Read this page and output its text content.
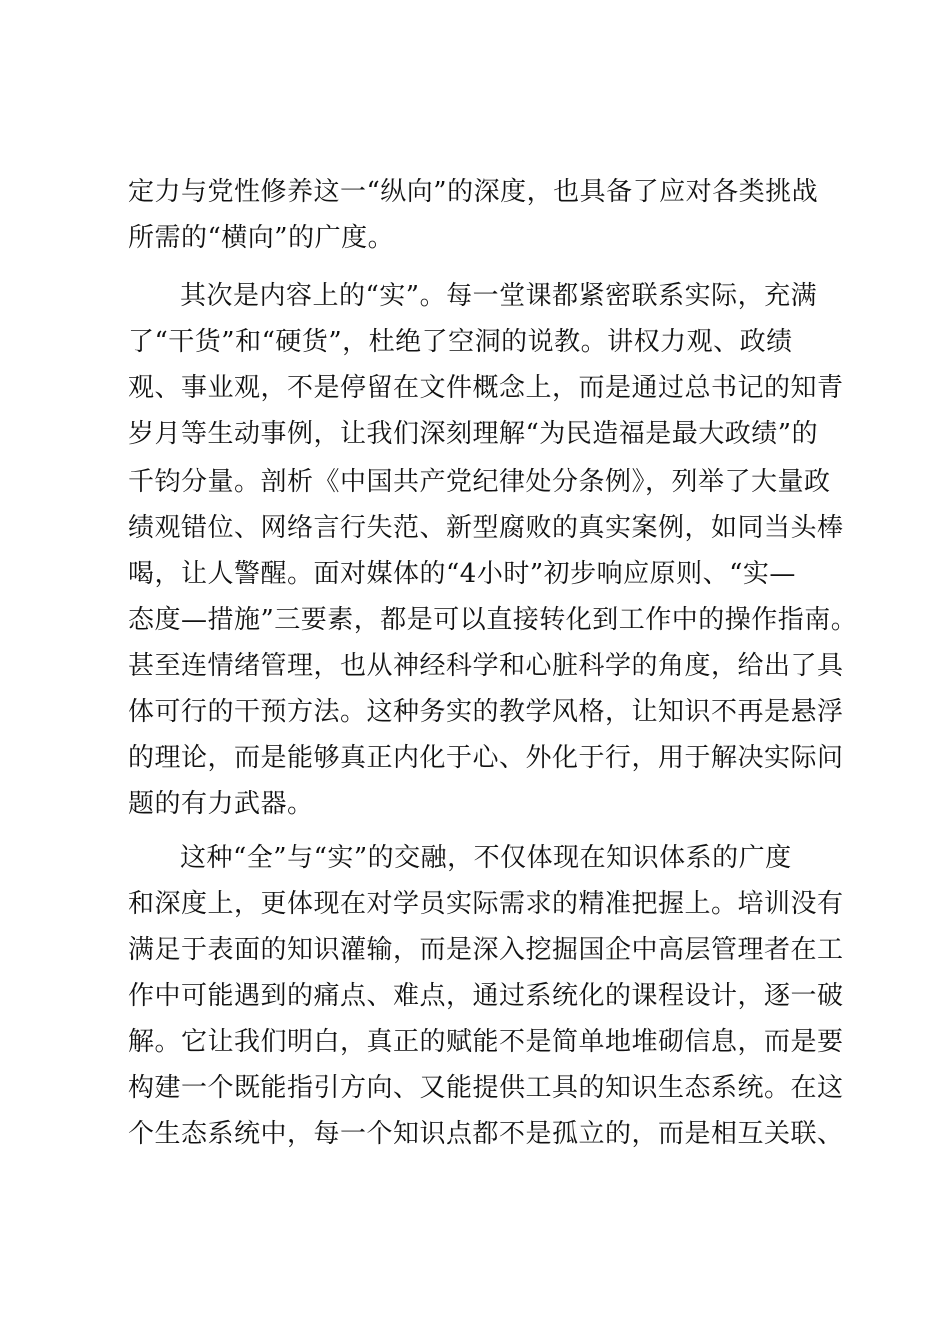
定力与党性修养这一“纵向”的深度，也具备了应对各类挑战
所需的“横向”的广度。
其次是内容上的“实”。每一堂课都紧密联系实际，充满
了“干货”和“硬货”，杜绝了空洞的说教。讲权力观、政绩
观、事业观，不是停留在文件概念上，而是通过总书记的知青
岁月等生动事例，让我们深刻理解“为民造福是最大政绩”的
千钧分量。剖析《中国共产党纪律处分条例》，列举了大量政
绩观错位、网络言行失范、新型腐败的真实案例，如同当头棒
喝，让人警醒。面对媒体的“4小时”初步响应原则、“实—
态度—措施”三要素，都是可以直接转化到工作中的操作指南。
甚至连情绪管理，也从神经科学和心脏科学的角度，给出了具
体可行的干预方法。这种务实的教学风格，让知识不再是悬浮
的理论，而是能够真正内化于心、外化于行，用于解决实际问
题的有力武器。
这种“全”与“实”的交融，不仅体现在知识体系的广度
和深度上，更体现在对学员实际需求的精准把握上。培训没有
满足于表面的知识灌输，而是深入挖掘国企中高层管理者在工
作中可能遇到的痛点、难点，通过系统化的课程设计，逐一破
解。它让我们明白，真正的赋能不是简单地堆砌信息，而是要
构建一个既能指引方向、又能提供工具的知识生态系统。在这
个生态系统中，每一个知识点都不是孤立的，而是相互关联、
